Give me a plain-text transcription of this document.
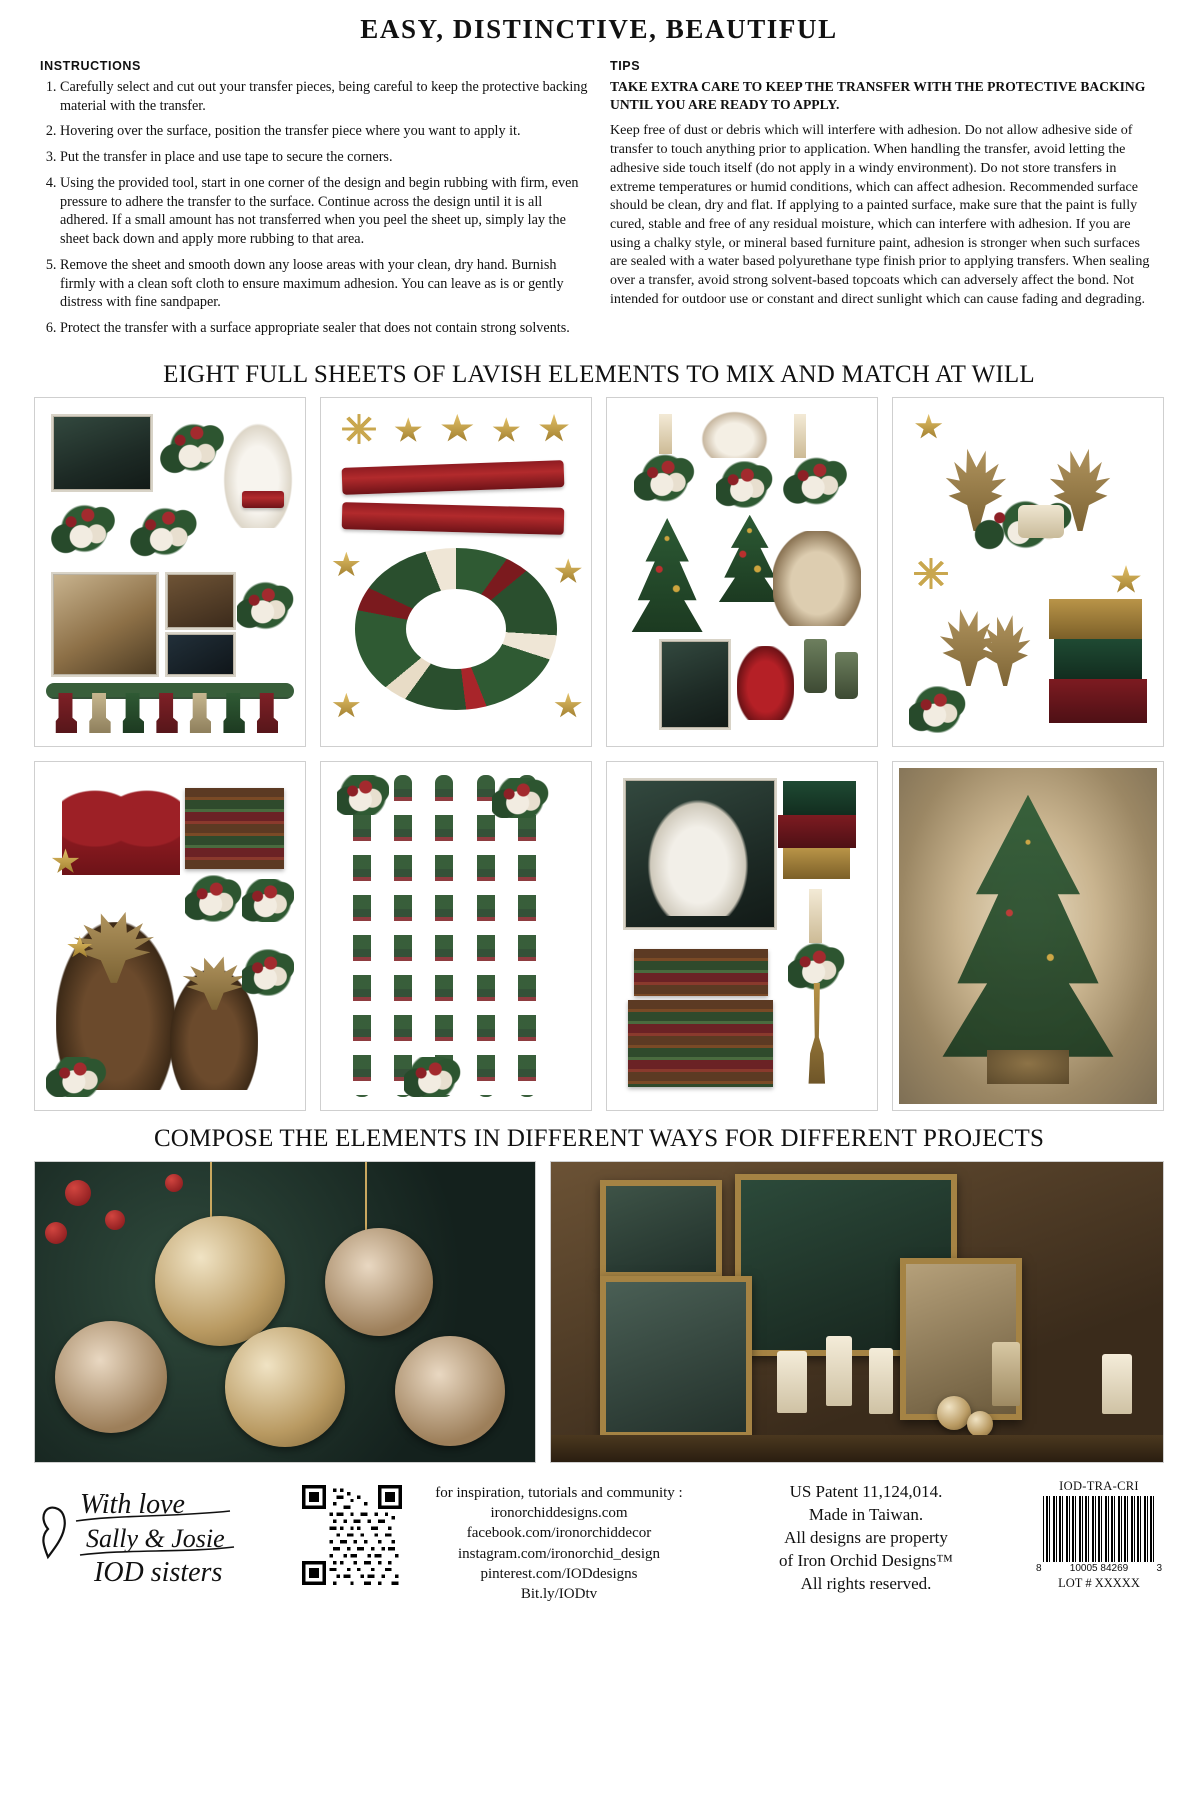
EASY, DISTINCTIVE, BEAUTIFUL
INSTRUCTIONS
1. Carefully select and cut out your transfer pieces, being careful to keep the protective backing material with the transfer.
2. Hovering over the surface, position the transfer piece where you want to apply it.
3. Put the transfer in place and use tape to secure the corners.
4. Using the provided tool, start in one corner of the design and begin rubbing with firm, even pressure to adhere the transfer to the surface. Continue across the design until it is all adhered. If a small amount has not transferred when you peel the sheet up, simply lay the sheet back down and apply more rubbing to that area.
5. Remove the sheet and smooth down any loose areas with your clean, dry hand. Burnish firmly with a clean soft cloth to ensure maximum adhesion. You can leave as is or gently distress with fine sandpaper.
6. Protect the transfer with a surface appropriate sealer that does not contain strong solvents.
TIPS
TAKE EXTRA CARE TO KEEP THE TRANSFER WITH THE PROTECTIVE BACKING UNTIL YOU ARE READY TO APPLY.
Keep free of dust or debris which will interfere with adhesion. Do not allow adhesive side of transfer to touch anything prior to application. When handling the transfer, avoid letting the adhesive side touch itself (do not apply in a windy environment). Do not store transfers in extreme temperatures or humid conditions, which can affect adhesion. Recommended surface should be clean, dry and flat. If applying to a painted surface, make sure that the paint is fully cured, stable and free of any residual moisture, which can interfere with adhesion. If you are using a chalky style, or mineral based furniture paint, adhesion is stronger when such surfaces are sealed with a water based polyurethane type finish prior to applying transfers. When sealing over a transfer, avoid strong solvent-based topcoats which can adversely affect the bond. Not intended for outdoor use or constant and direct sunlight which can cause fading and degrading.
EIGHT FULL SHEETS OF LAVISH ELEMENTS TO MIX AND MATCH AT WILL
COMPOSE THE ELEMENTS IN DIFFERENT WAYS FOR DIFFERENT PROJECTS
With love
Sally & Josie
IOD sisters
for inspiration, tutorials and community :
ironorchiddesigns.com
facebook.com/ironorchiddecor
instagram.com/ironorchid_design
pinterest.com/IODdesigns
Bit.ly/IODtv
US Patent 11,124,014.
Made in Taiwan.
All designs are property
of Iron Orchid Designs™
All rights reserved.
IOD-TRA-CRI
8	10005 84269	3
LOT # XXXXX
